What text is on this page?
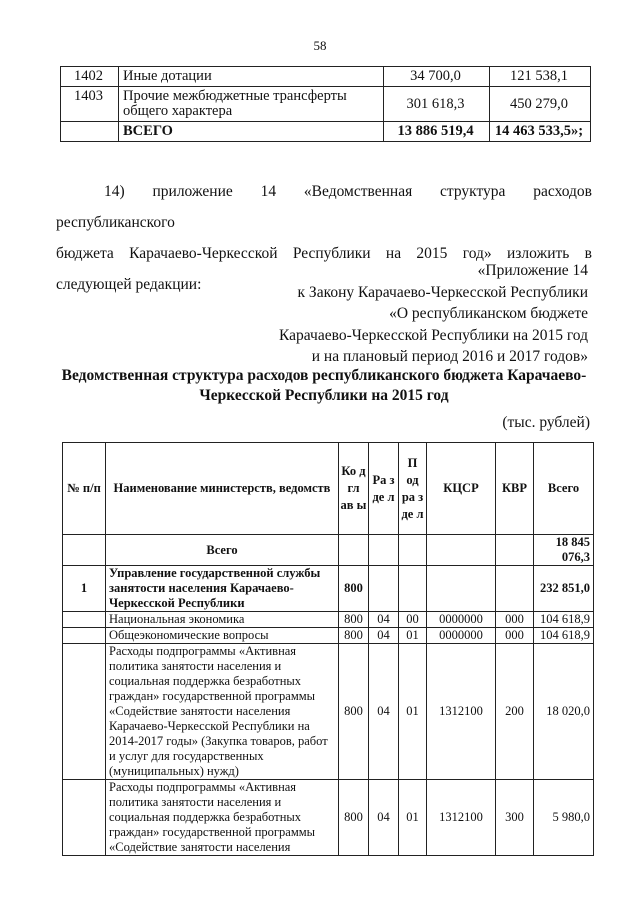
58
1402	Иные дотации	34 700,0	121 538,1
1403	Прочие межбюджетные трансферты общего характера	301 618,3	450 279,0
	ВСЕГО	13 886 519,4	14 463 533,5»;
14) приложение 14 «Ведомственная структура расходов республиканского
бюджета Карачаево-Черкесской Республики на 2015 год» изложить в
следующей редакции:
«Приложение 14
к Закону Карачаево-Черкесской Республики
«О республиканском бюджете
Карачаево-Черкесской Республики на 2015 год
и на плановый период 2016 и 2017 годов»
Ведомственная структура расходов республиканского бюджета Карачаево-
Черкесской Республики на 2015 год
(тыс. рублей)
№ п/п	Наименование министерств, ведомств	Ко д гл ав ы	Ра з де л	П од ра з де л	КЦСР	КВР	Всего
	Всего						18 845 076,3
1	Управление государственной службы занятости населения Карачаево-Черкесской Республики	800					232 851,0
	Национальная экономика	800	04	00	0000000	000	104 618,9
	Общеэкономические вопросы	800	04	01	0000000	000	104 618,9
	Расходы подпрограммы «Активная политика занятости населения и социальная поддержка безработных граждан» государственной программы «Содействие занятости населения Карачаево-Черкесской Республики на 2014-2017 годы» (Закупка товаров, работ и услуг для государственных (муниципальных) нужд)	800	04	01	1312100	200	18 020,0
	Расходы подпрограммы «Активная политика занятости населения и социальная поддержка безработных граждан» государственной программы «Содействие занятости населения	800	04	01	1312100	300	5 980,0
